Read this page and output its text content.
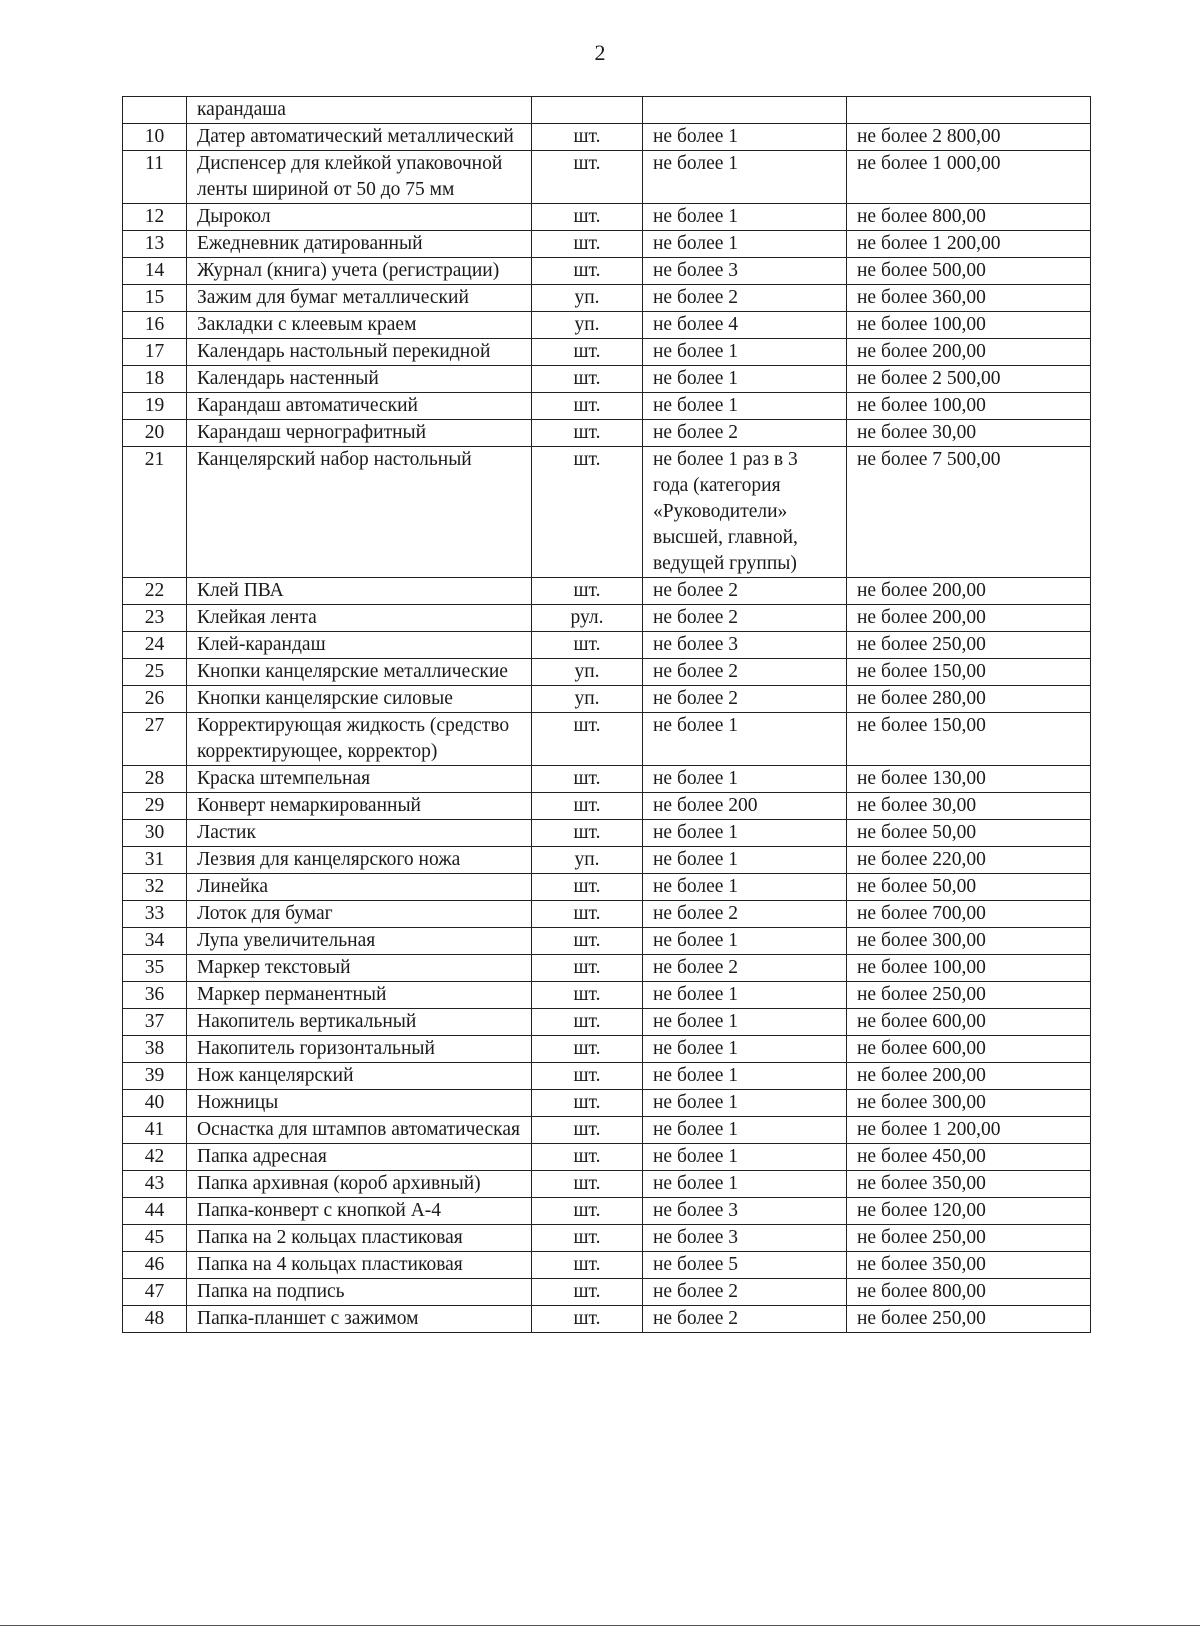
2
	карандаша			
10	Датер автоматический металлический	шт.	не более 1	не более 2 800,00
11	Диспенсер для клейкой упаковочной ленты шириной от 50 до 75 мм	шт.	не более 1	не более 1 000,00
12	Дырокол	шт.	не более 1	не более 800,00
13	Ежедневник датированный	шт.	не более 1	не более 1 200,00
14	Журнал (книга) учета (регистрации)	шт.	не более 3	не более 500,00
15	Зажим для бумаг металлический	уп.	не более 2	не более 360,00
16	Закладки с клеевым краем	уп.	не более 4	не более 100,00
17	Календарь настольный перекидной	шт.	не более 1	не более 200,00
18	Календарь настенный	шт.	не более 1	не более 2 500,00
19	Карандаш автоматический	шт.	не более 1	не более 100,00
20	Карандаш чернографитный	шт.	не более 2	не более 30,00
21	Канцелярский набор настольный	шт.	не более 1 раз в 3 года (категория «Руководители» высшей, главной, ведущей группы)	не более 7 500,00
22	Клей ПВА	шт.	не более 2	не более 200,00
23	Клейкая лента	рул.	не более 2	не более 200,00
24	Клей-карандаш	шт.	не более 3	не более 250,00
25	Кнопки канцелярские металлические	уп.	не более 2	не более 150,00
26	Кнопки канцелярские силовые	уп.	не более 2	не более 280,00
27	Корректирующая жидкость (средство корректирующее, корректор)	шт.	не более 1	не более 150,00
28	Краска штемпельная	шт.	не более 1	не более 130,00
29	Конверт немаркированный	шт.	не более 200	не более 30,00
30	Ластик	шт.	не более 1	не более 50,00
31	Лезвия для канцелярского ножа	уп.	не более 1	не более 220,00
32	Линейка	шт.	не более 1	не более 50,00
33	Лоток для бумаг	шт.	не более 2	не более 700,00
34	Лупа увеличительная	шт.	не более 1	не более 300,00
35	Маркер текстовый	шт.	не более 2	не более 100,00
36	Маркер перманентный	шт.	не более 1	не более 250,00
37	Накопитель вертикальный	шт.	не более 1	не более 600,00
38	Накопитель горизонтальный	шт.	не более 1	не более 600,00
39	Нож канцелярский	шт.	не более 1	не более 200,00
40	Ножницы	шт.	не более 1	не более 300,00
41	Оснастка для штампов автоматическая	шт.	не более 1	не более 1 200,00
42	Папка адресная	шт.	не более 1	не более 450,00
43	Папка архивная (короб архивный)	шт.	не более 1	не более 350,00
44	Папка-конверт с кнопкой А-4	шт.	не более 3	не более 120,00
45	Папка на 2 кольцах пластиковая	шт.	не более 3	не более 250,00
46	Папка на 4 кольцах пластиковая	шт.	не более 5	не более 350,00
47	Папка на подпись	шт.	не более 2	не более 800,00
48	Папка-планшет с зажимом	шт.	не более 2	не более 250,00
